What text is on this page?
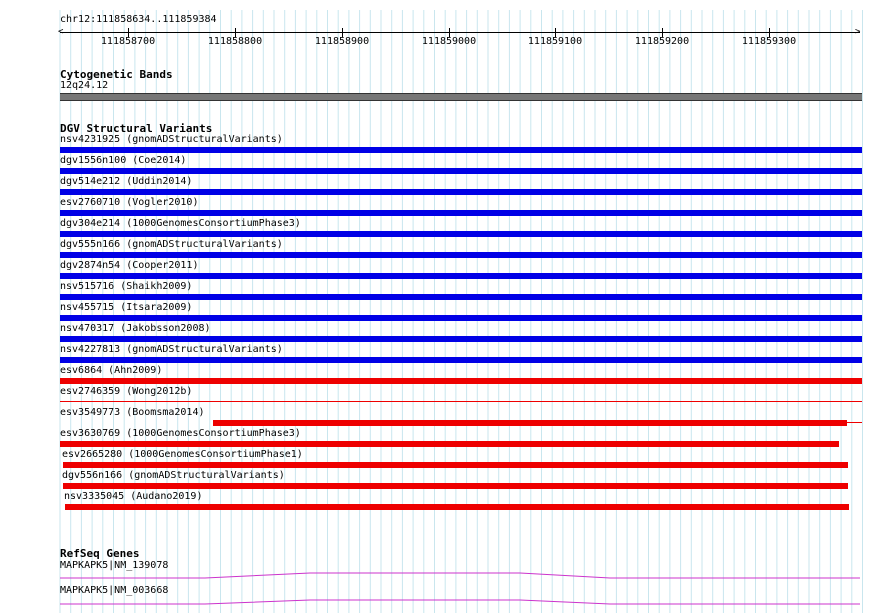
chr12:111858634..111859384
<	>
111858700	111858800	111858900	111859000	111859100	111859200	111859300
Cytogenetic Bands
12q24.12
DGV Structural Variants
nsv4231925 (gnomADStructuralVariants)
dgv1556n100 (Coe2014)
dgv514e212 (Uddin2014)
esv2760710 (Vogler2010)
dgv304e214 (1000GenomesConsortiumPhase3)
dgv555n166 (gnomADStructuralVariants)
dgv2874n54 (Cooper2011)
nsv515716 (Shaikh2009)
nsv455715 (Itsara2009)
nsv470317 (Jakobsson2008)
nsv4227813 (gnomADStructuralVariants)
esv6864 (Ahn2009)
esv2746359 (Wong2012b)
esv3549773 (Boomsma2014)
esv3630769 (1000GenomesConsortiumPhase3)
esv2665280 (1000GenomesConsortiumPhase1)
dgv556n166 (gnomADStructuralVariants)
nsv3335045 (Audano2019)
RefSeq Genes
MAPKAPK5|NM_139078
MAPKAPK5|NM_003668
